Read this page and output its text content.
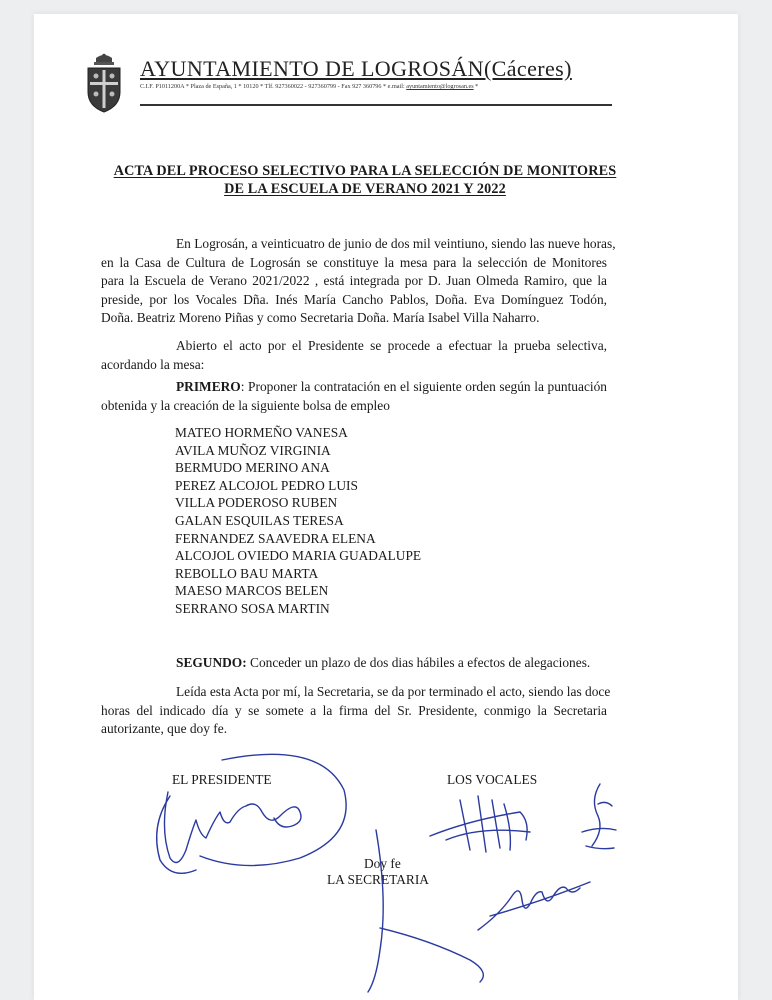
AYUNTAMIENTO DE LOGROSÁN(Cáceres)
C.I.F. P1011200A * Plaza de España, 1 * 10120 * Tlf. 927360022 - 927360799 - Fax 927 360796 * e.mail: ayuntamiento@logrosan.es *
ACTA DEL PROCESO SELECTIVO PARA LA SELECCIÓN DE MONITORES
DE LA ESCUELA DE VERANO 2021 Y 2022
En Logrosán, a veinticuatro de junio de dos mil veintiuno, siendo las nueve horas,
en la Casa de Cultura de Logrosán se constituye la mesa para la selección de Monitores
para la Escuela de Verano 2021/2022 , está integrada por D. Juan Olmeda Ramiro, que la
preside, por los Vocales Dña. Inés María Cancho Pablos, Doña. Eva Domínguez Todón,
Doña. Beatriz Moreno Piñas y como Secretaria Doña. María Isabel Villa Naharro.
Abierto el acto por el Presidente se procede a efectuar la prueba selectiva,
acordando la mesa:
PRIMERO: Proponer la contratación en el siguiente orden según la puntuación
obtenida y la creación de la siguiente bolsa de empleo
MATEO HORMEÑO VANESA
AVILA MUÑOZ VIRGINIA
BERMUDO MERINO ANA
PEREZ ALCOJOL PEDRO LUIS
VILLA PODEROSO RUBEN
GALAN ESQUILAS TERESA
FERNANDEZ SAAVEDRA ELENA
ALCOJOL OVIEDO MARIA GUADALUPE
REBOLLO BAU MARTA
MAESO MARCOS BELEN
SERRANO SOSA MARTIN
SEGUNDO: Conceder un plazo de dos dias hábiles a efectos de alegaciones.
Leída esta Acta por mí, la Secretaria, se da por terminado el acto, siendo las doce
horas del indicado día y se somete a la firma del Sr. Presidente, conmigo la Secretaria
autorizante, que doy fe.
EL PRESIDENTE	LOS VOCALES
Doy fe
LA SECRETARIA
